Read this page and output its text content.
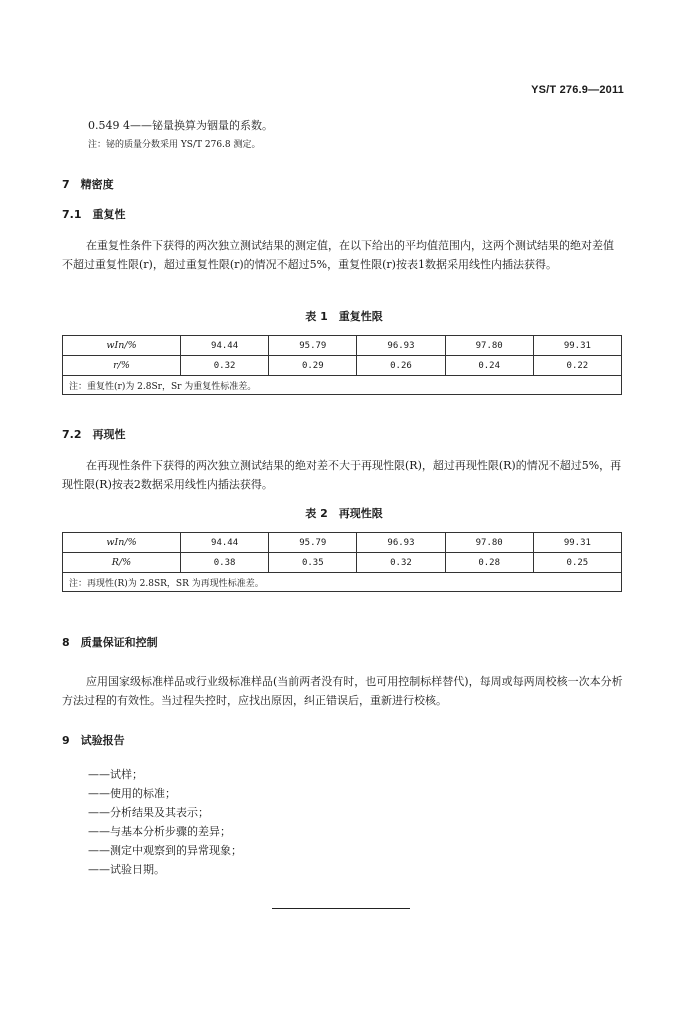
YS/T 276.9—2011
0.549 4——铋量换算为铟量的系数。
注：铋的质量分数采用 YS/T 276.8 测定。
7　精密度
7.1　重复性
在重复性条件下获得的两次独立测试结果的测定值，在以下给出的平均值范围内，这两个测试结果的绝对差值不超过重复性限(r)，超过重复性限(r)的情况不超过5%，重复性限(r)按表1数据采用线性内插法获得。
表 1　重复性限
wIn/%	94.44	95.79	96.93	97.80	99.31
r/%	0.32	0.29	0.26	0.24	0.22
注：重复性(r)为 2.8Sr，Sr 为重复性标准差。					
7.2　再现性
在再现性条件下获得的两次独立测试结果的绝对差不大于再现性限(R)，超过再现性限(R)的情况不超过5%，再现性限(R)按表2数据采用线性内插法获得。
表 2　再现性限
wIn/%	94.44	95.79	96.93	97.80	99.31
R/%	0.38	0.35	0.32	0.28	0.25
注：再现性(R)为 2.8SR，SR 为再现性标准差。					
8　质量保证和控制
应用国家级标准样品或行业级标准样品(当前两者没有时，也可用控制标样替代)，每周或每两周校核一次本分析方法过程的有效性。当过程失控时，应找出原因，纠正错误后，重新进行校核。
9　试验报告
——试样；
——使用的标准；
——分析结果及其表示；
——与基本分析步骤的差异；
——测定中观察到的异常现象；
——试验日期。
